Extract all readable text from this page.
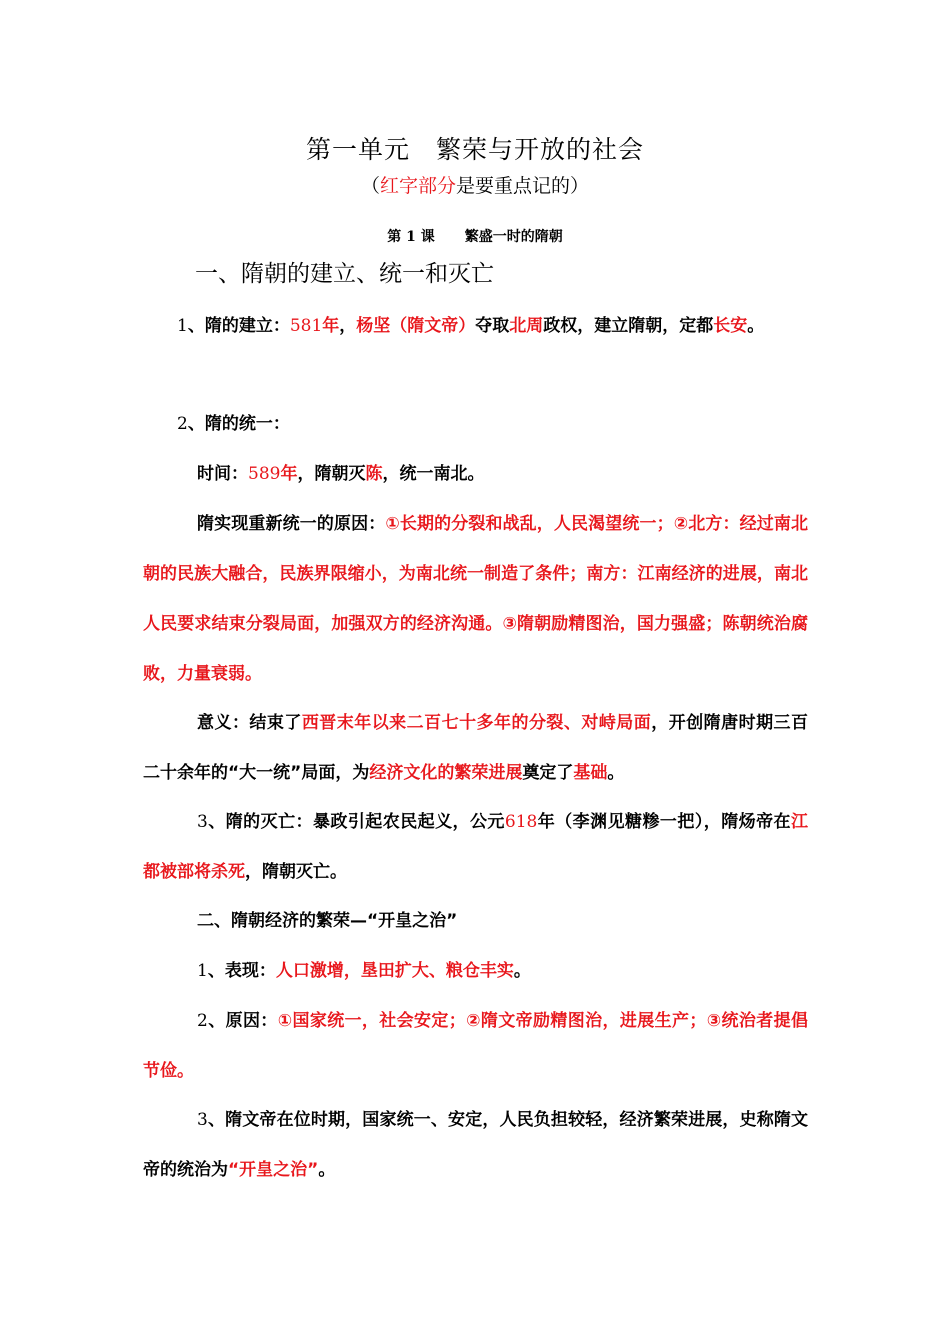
第一单元　繁荣与开放的社会
（红字部分是要重点记的）
第 1 课 繁盛一时的隋朝
一、隋朝的建立、统一和灭亡
1、隋的建立：581年，杨坚（隋文帝）夺取北周政权，建立隋朝，定都长安。
2、隋的统一：
时间：589年，隋朝灭陈，统一南北。
隋实现重新统一的原因：①长期的分裂和战乱，人民渴望统一；②北方：经过南北朝的民族大融合，民族界限缩小，为南北统一制造了条件；南方：江南经济的进展，南北人民要求结束分裂局面，加强双方的经济沟通。③隋朝励精图治，国力强盛；陈朝统治腐败，力量衰弱。
意义：结束了西晋末年以来二百七十多年的分裂、对峙局面，开创隋唐时期三百二十余年的“大一统”局面，为经济文化的繁荣进展奠定了基础。
3、隋的灭亡：暴政引起农民起义，公元618年（李渊见糖糁一把），隋炀帝在江都被部将杀死，隋朝灭亡。
二、隋朝经济的繁荣—“开皇之治”
1、表现：人口激增，垦田扩大、粮仓丰实。
2、原因：①国家统一，社会安定；②隋文帝励精图治，进展生产；③统治者提倡节俭。
3、隋文帝在位时期，国家统一、安定，人民负担较轻，经济繁荣进展，史称隋文帝的统治为“开皇之治”。
